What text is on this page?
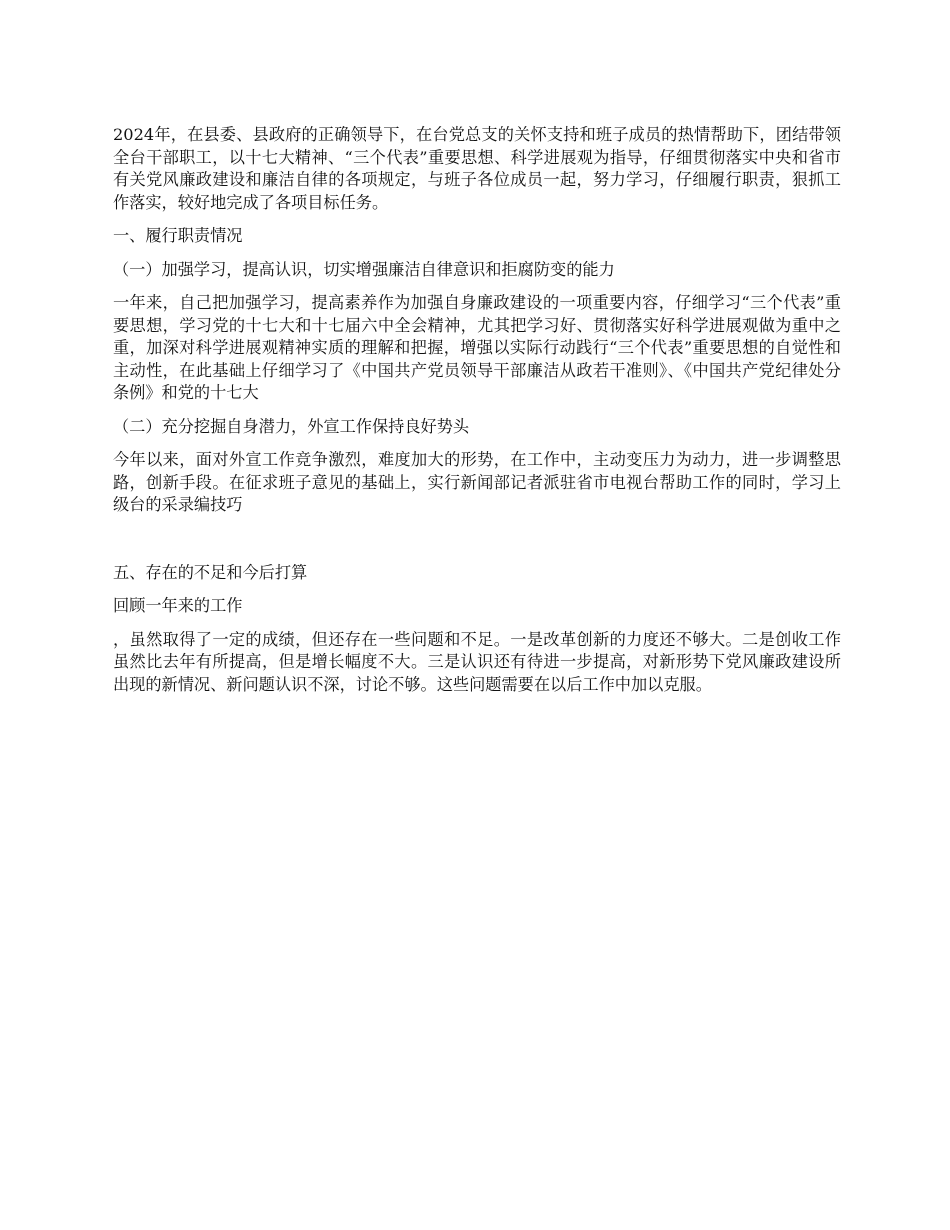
2024年，在县委、县政府的正确领导下，在台党总支的关怀支持和班子成员的热情帮助下，团结带领全台干部职工，以十七大精神、“三个代表”重要思想、科学进展观为指导，仔细贯彻落实中央和省市有关党风廉政建设和廉洁自律的各项规定，与班子各位成员一起，努力学习，仔细履行职责，狠抓工作落实，较好地完成了各项目标任务。

一、履行职责情况

（一）加强学习，提高认识，切实增强廉洁自律意识和拒腐防变的能力

一年来，自己把加强学习，提高素养作为加强自身廉政建设的一项重要内容，仔细学习“三个代表”重要思想，学习党的十七大和十七届六中全会精神，尤其把学习好、贯彻落实好科学进展观做为重中之重，加深对科学进展观精神实质的理解和把握，增强以实际行动践行“三个代表”重要思想的自觉性和主动性，在此基础上仔细学习了《中国共产党员领导干部廉洁从政若干准则》、《中国共产党纪律处分条例》和党的十七大

（二）充分挖掘自身潜力，外宣工作保持良好势头

今年以来，面对外宣工作竞争激烈，难度加大的形势，在工作中，主动变压力为动力，进一步调整思路，创新手段。在征求班子意见的基础上，实行新闻部记者派驻省市电视台帮助工作的同时，学习上级台的采录编技巧

五、存在的不足和今后打算

回顾一年来的工作

，虽然取得了一定的成绩，但还存在一些问题和不足。一是改革创新的力度还不够大。二是创收工作虽然比去年有所提高，但是增长幅度不大。三是认识还有待进一步提高，对新形势下党风廉政建设所出现的新情况、新问题认识不深，讨论不够。这些问题需要在以后工作中加以克服。
